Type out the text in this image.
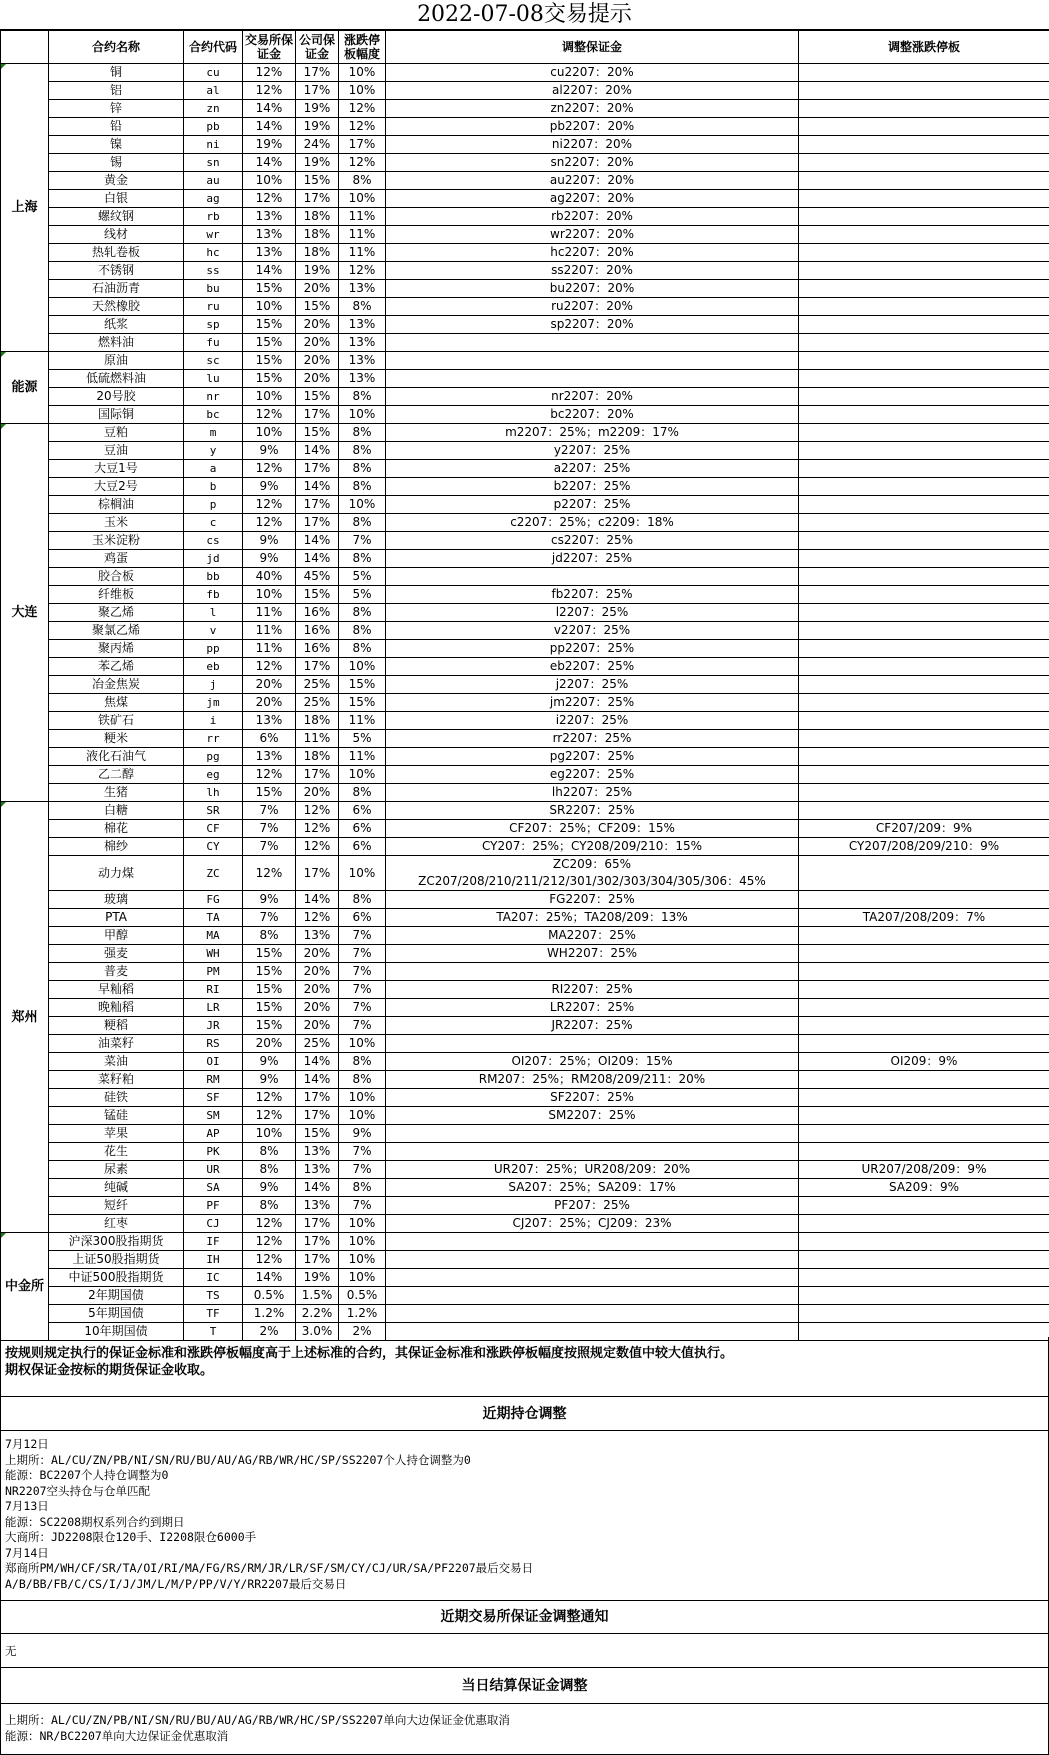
2022-07-08交易提示
	合约名称	合约代码	交易所保证金	公司保证金	涨跌停板幅度	调整保证金	调整涨跌停板
上海	铜	cu	12%	17%	10%	cu2207：20%	
	铝	al	12%	17%	10%	al2207：20%	
	锌	zn	14%	19%	12%	zn2207：20%	
	铅	pb	14%	19%	12%	pb2207：20%	
	镍	ni	19%	24%	17%	ni2207：20%	
	锡	sn	14%	19%	12%	sn2207：20%	
	黄金	au	10%	15%	8%	au2207：20%	
	白银	ag	12%	17%	10%	ag2207：20%	
	螺纹钢	rb	13%	18%	11%	rb2207：20%	
	线材	wr	13%	18%	11%	wr2207：20%	
	热轧卷板	hc	13%	18%	11%	hc2207：20%	
	不锈钢	ss	14%	19%	12%	ss2207：20%	
	石油沥青	bu	15%	20%	13%	bu2207：20%	
	天然橡胶	ru	10%	15%	8%	ru2207：20%	
	纸浆	sp	15%	20%	13%	sp2207：20%	
	燃料油	fu	15%	20%	13%		
能源	原油	sc	15%	20%	13%		
	低硫燃料油	lu	15%	20%	13%		
	20号胶	nr	10%	15%	8%	nr2207：20%	
	国际铜	bc	12%	17%	10%	bc2207：20%	
大连	豆粕	m	10%	15%	8%	m2207：25%；m2209：17%	
	豆油	y	9%	14%	8%	y2207：25%	
	大豆1号	a	12%	17%	8%	a2207：25%	
	大豆2号	b	9%	14%	8%	b2207：25%	
	棕榈油	p	12%	17%	10%	p2207：25%	
	玉米	c	12%	17%	8%	c2207：25%；c2209：18%	
	玉米淀粉	cs	9%	14%	7%	cs2207：25%	
	鸡蛋	jd	9%	14%	8%	jd2207：25%	
	胶合板	bb	40%	45%	5%		
	纤维板	fb	10%	15%	5%	fb2207：25%	
	聚乙烯	l	11%	16%	8%	l2207：25%	
	聚氯乙烯	v	11%	16%	8%	v2207：25%	
	聚丙烯	pp	11%	16%	8%	pp2207：25%	
	苯乙烯	eb	12%	17%	10%	eb2207：25%	
	冶金焦炭	j	20%	25%	15%	j2207：25%	
	焦煤	jm	20%	25%	15%	jm2207：25%	
	铁矿石	i	13%	18%	11%	i2207：25%	
	粳米	rr	6%	11%	5%	rr2207：25%	
	液化石油气	pg	13%	18%	11%	pg2207：25%	
	乙二醇	eg	12%	17%	10%	eg2207：25%	
	生猪	lh	15%	20%	8%	lh2207：25%	
郑州	白糖	SR	7%	12%	6%	SR2207：25%	
	棉花	CF	7%	12%	6%	CF207：25%；CF209：15%	CF207/209：9%
	棉纱	CY	7%	12%	6%	CY207：25%；CY208/209/210：15%	CY207/208/209/210：9%
	动力煤	ZC	12%	17%	10%	ZC209：65%
ZC207/208/210/211/212/301/302/303/304/305/306：45%	
	玻璃	FG	9%	14%	8%	FG2207：25%	
	PTA	TA	7%	12%	6%	TA207：25%；TA208/209：13%	TA207/208/209：7%
	甲醇	MA	8%	13%	7%	MA2207：25%	
	强麦	WH	15%	20%	7%	WH2207：25%	
	普麦	PM	15%	20%	7%		
	早籼稻	RI	15%	20%	7%	RI2207：25%	
	晚籼稻	LR	15%	20%	7%	LR2207：25%	
	粳稻	JR	15%	20%	7%	JR2207：25%	
	油菜籽	RS	20%	25%	10%		
	菜油	OI	9%	14%	8%	OI207：25%；OI209：15%	OI209：9%
	菜籽粕	RM	9%	14%	8%	RM207：25%；RM208/209/211：20%	
	硅铁	SF	12%	17%	10%	SF2207：25%	
	锰硅	SM	12%	17%	10%	SM2207：25%	
	苹果	AP	10%	15%	9%		
	花生	PK	8%	13%	7%		
	尿素	UR	8%	13%	7%	UR207：25%；UR208/209：20%	UR207/208/209：9%
	纯碱	SA	9%	14%	8%	SA207：25%；SA209：17%	SA209：9%
	短纤	PF	8%	13%	7%	PF207：25%	
	红枣	CJ	12%	17%	10%	CJ207：25%；CJ209：23%	
中金所	沪深300股指期货	IF	12%	17%	10%		
	上证50股指期货	IH	12%	17%	10%		
	中证500股指期货	IC	14%	19%	10%		
	2年期国债	TS	0.5%	1.5%	0.5%		
	5年期国债	TF	1.2%	2.2%	1.2%		
	10年期国债	T	2%	3.0%	2%		
按规则规定执行的保证金标准和涨跌停板幅度高于上述标准的合约，其保证金标准和涨跌停板幅度按照规定数值中较大值执行。
期权保证金按标的期货保证金收取。
近期持仓调整
7月12日
上期所：AL/CU/ZN/PB/NI/SN/RU/BU/AU/AG/RB/WR/HC/SP/SS2207个人持仓调整为0
能源：BC2207个人持仓调整为0
NR2207空头持仓与仓单匹配
7月13日
能源：SC2208期权系列合约到期日
大商所：JD2208限仓120手、I2208限仓6000手
7月14日
郑商所PM/WH/CF/SR/TA/OI/RI/MA/FG/RS/RM/JR/LR/SF/SM/CY/CJ/UR/SA/PF2207最后交易日
A/B/BB/FB/C/CS/I/J/JM/L/M/P/PP/V/Y/RR2207最后交易日
近期交易所保证金调整通知
无
当日结算保证金调整
上期所：AL/CU/ZN/PB/NI/SN/RU/BU/AU/AG/RB/WR/HC/SP/SS2207单向大边保证金优惠取消
能源：NR/BC2207单向大边保证金优惠取消
